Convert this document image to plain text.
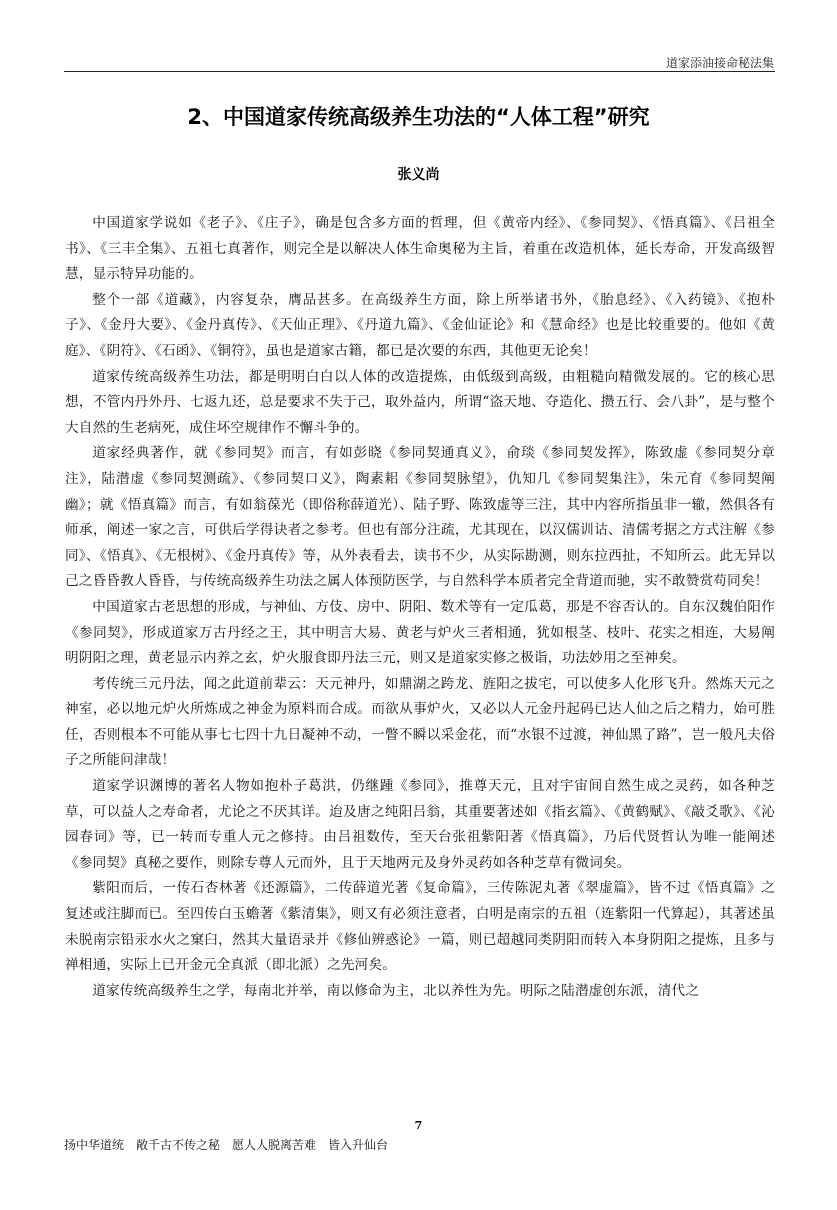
道家添油接命秘法集
2、中国道家传统高级养生功法的“人体工程”研究
张义尚

中国道家学说如《老子》、《庄子》，确是包含多方面的哲理，但《黄帝内经》、《参同契》、《悟真篇》、《吕祖全书》、《三丰全集》、五祖七真著作，则完全是以解决人体生命奥秘为主旨，着重在改造机体，延长寿命，开发高级智慧，显示特异功能的。

整个一部《道藏》，内容复杂，膺品甚多。在高级养生方面，除上所举诸书外，《胎息经》、《入药镜》、《抱朴子》、《金丹大要》、《金丹真传》、《天仙正理》、《丹道九篇》、《金仙证论》和《慧命经》也是比较重要的。他如《黄庭》、《阴符》、《石函》、《铜符》，虽也是道家古籍，都已是次要的东西，其他更无论矣！

道家传统高级养生功法，都是明明白白以人体的改造提炼，由低级到高级，由粗糙向精微发展的。它的核心思想，不管内丹外丹、七返九还，总是要求不失于己，取外益内，所谓“盗天地、夺造化、攒五行、会八卦”，是与整个大自然的生老病死，成住坏空规律作不懈斗争的。

道家经典著作，就《参同契》而言，有如彭晓《参同契通真义》，俞琰《参同契发挥》，陈致虚《参同契分章注》，陆潜虚《参同契测疏》、《参同契口义》，陶素耜《参同契脉望》，仇知几《参同契集注》，朱元育《参同契阐幽》；就《悟真篇》而言，有如翁葆光（即俗称薛道光）、陆子野、陈致虚等三注，其中内容所指虽非一辙，然俱各有师承，阐述一家之言，可供后学得诀者之参考。但也有部分注疏，尤其现在，以汉儒训诂、清儒考据之方式注解《参同》、《悟真》、《无根树》、《金丹真传》等，从外表看去，读书不少，从实际勘测，则东拉西扯，不知所云。此无异以己之昏昏教人昏昏，与传统高级养生功法之属人体预防医学，与自然科学本质者完全背道而驰，实不敢赞赏苟同矣！

中国道家古老思想的形成，与神仙、方伎、房中、阴阳、数术等有一定瓜葛，那是不容否认的。自东汉魏伯阳作《参同契》，形成道家万古丹经之王，其中明言大易、黄老与炉火三者相通，犹如根茎、枝叶、花实之相连，大易阐明阴阳之理，黄老显示内养之玄，炉火服食即丹法三元，则又是道家实修之极诣，功法妙用之至神矣。

考传统三元丹法，闻之此道前辈云：天元神丹，如鼎湖之跨龙、旌阳之拔宅，可以使多人化形飞升。然炼天元之神室，必以地元炉火所炼成之神金为原料而合成。而欲从事炉火，又必以人元金丹起码已达人仙之后之精力，始可胜任，否则根本不可能从事七七四十九日凝神不动，一瞥不瞬以采金花，而“水银不过渡，神仙黑了路”，岂一般凡夫俗子之所能问津哉！

道家学识渊博的著名人物如抱朴子葛洪，仍继踵《参同》，推尊天元，且对宇宙间自然生成之灵药，如各种芝草，可以益人之寿命者，尤论之不厌其详。迨及唐之纯阳吕翁，其重要著述如《指玄篇》、《黄鹤赋》、《敲爻歌》、《沁园春词》等，已一转而专重人元之修持。由吕祖数传，至天台张祖紫阳著《悟真篇》，乃后代贤哲认为唯一能阐述《参同契》真秘之要作，则除专尊人元而外，且于天地两元及身外灵药如各种芝草有微词矣。

紫阳而后，一传石杏林著《还源篇》，二传薛道光著《复命篇》，三传陈泥丸著《翠虚篇》，皆不过《悟真篇》之复述或注脚而已。至四传白玉蟾著《紫清集》，则又有必须注意者，白明是南宗的五祖（连紫阳一代算起），其著述虽未脱南宗铅汞水火之窠臼，然其大量语录并《修仙辨惑论》一篇，则已超越同类阴阳而转入本身阴阳之提炼，且多与禅相通，实际上已开金元全真派（即北派）之先河矣。

道家传统高级养生之学，每南北并举，南以修命为主，北以养性为先。明际之陆潜虚创东派，清代之

7
扬中华道统　敞千古不传之秘　愿人人脱离苦难　皆入升仙台
